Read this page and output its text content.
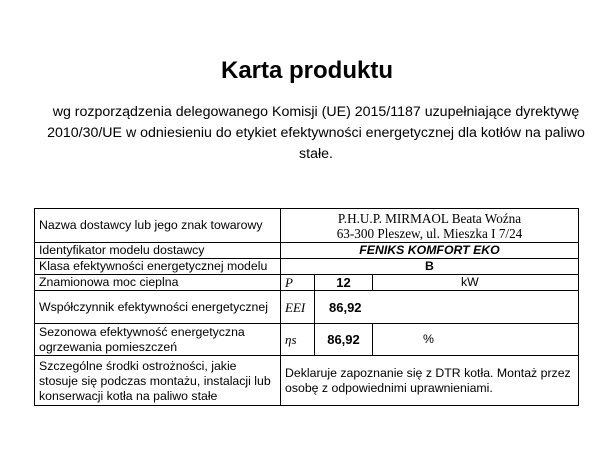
Karta produktu
wg rozporządzenia delegowanego Komisji (UE) 2015/1187 uzupełniające dyrektywę 2010/30/UE w odniesieniu do etykiet efektywności energetycznej dla kotłów na paliwo stałe.
Nazwa dostawcy lub jego znak towarowy	P.H.U.P. MIRMAOL Beata Woźna
63-300 Pleszew, ul. Mieszka I 7/24		

Identyfikator modelu dostawcy	FENIKS KOMFORT EKO		
Klasa efektywności energetycznej modelu	B		
Znamionowa moc cieplna	P	12	kW
Współczynnik efektywności energetycznej	EEI	86,92	
Sezonowa efektywność energetyczna ogrzewania pomieszczeń	ηs	86,92	%
Szczególne środki ostrożności, jakie stosuje się podczas montażu, instalacji lub konserwacji kotła na paliwo stałe	Deklaruje zapoznanie się z DTR kotła. Montaż przez osobę z odpowiednimi uprawnieniami.		
